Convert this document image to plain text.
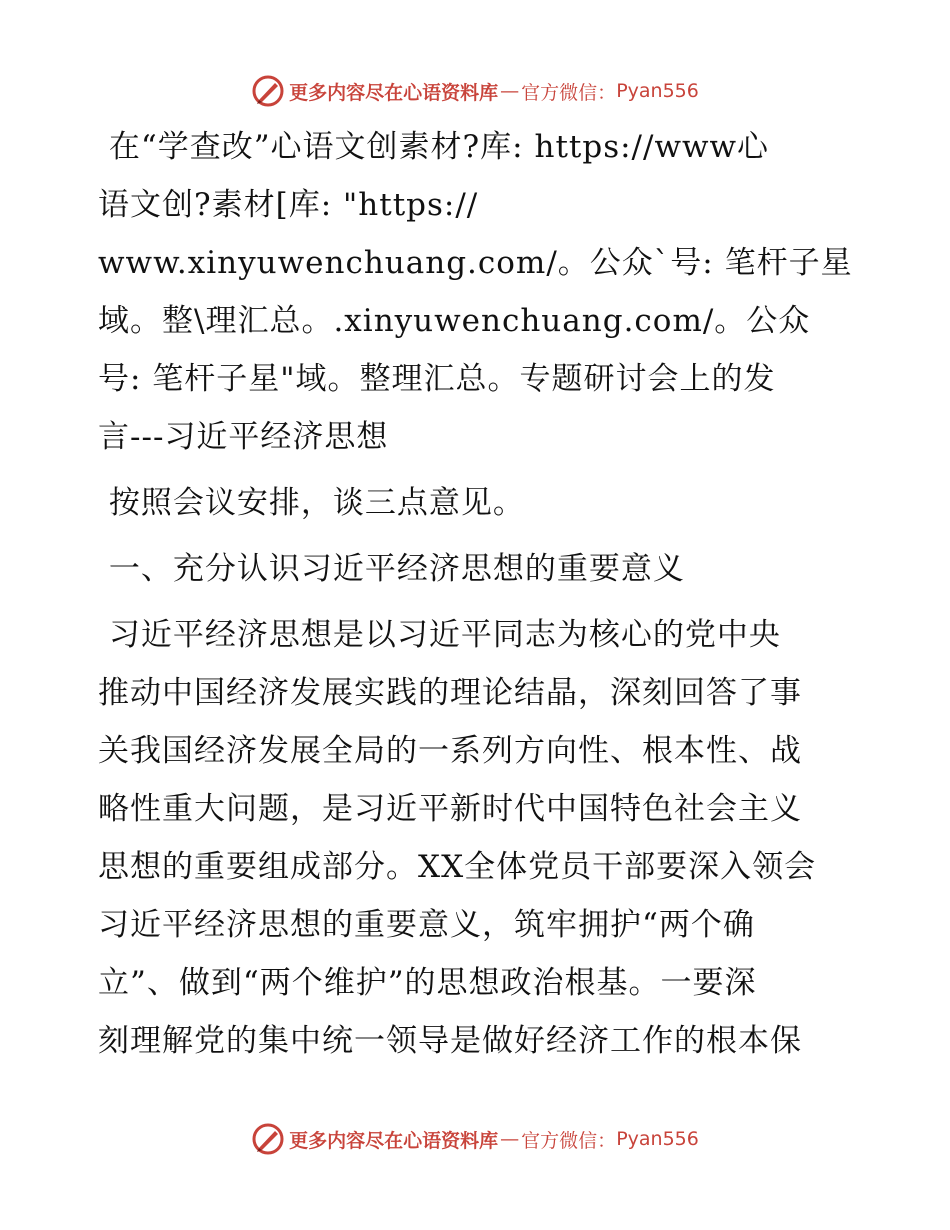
更多内容尽在心语资料库 — 官方微信： Pyan556

在“学查改”心语文创素材?库: https://www心
语文创?素材[库: "https://
www.xinyuwenchuang.com/。公众`号: 笔杆子星
域。整\理汇总。.xinyuwenchuang.com/。公众
号: 笔杆子星"域。整理汇总。专题研讨会上的发
言---习近平经济思想

按照会议安排，谈三点意见。

一、充分认识习近平经济思想的重要意义

习近平经济思想是以习近平同志为核心的党中央
推动中国经济发展实践的理论结晶，深刻回答了事
关我国经济发展全局的一系列方向性、根本性、战
略性重大问题，是习近平新时代中国特色社会主义
思想的重要组成部分。XX全体党员干部要深入领会
习近平经济思想的重要意义，筑牢拥护“两个确
立”、做到“两个维护”的思想政治根基。一要深
刻理解党的集中统一领导是做好经济工作的根本保

更多内容尽在心语资料库 — 官方微信： Pyan556
